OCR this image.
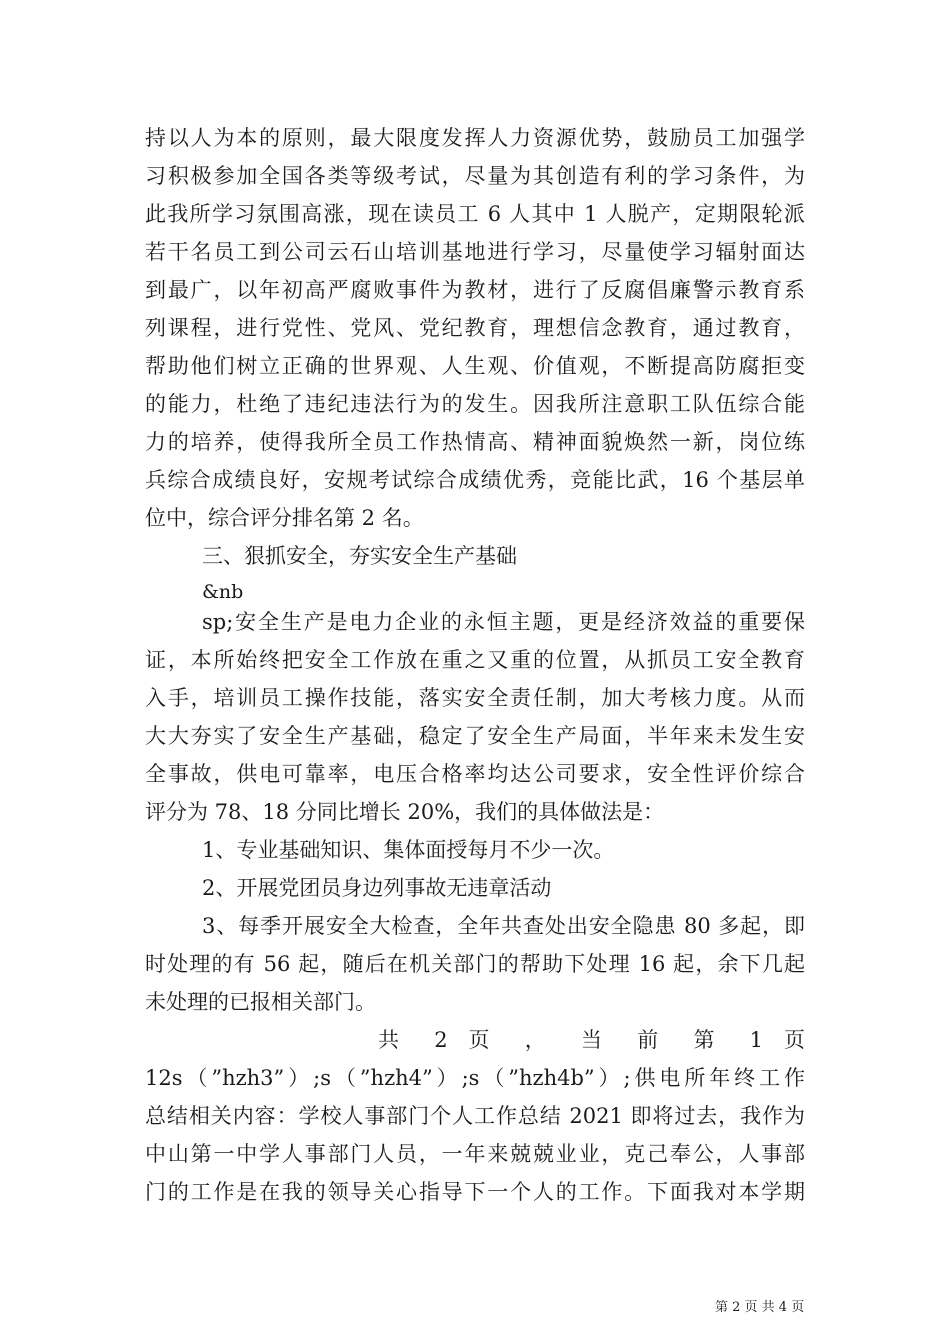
持以人为本的原则，最大限度发挥人力资源优势，鼓励员工加强学
习积极参加全国各类等级考试，尽量为其创造有利的学习条件，为
此我所学习氛围高涨，现在读员工 6 人其中 1 人脱产，定期限轮派
若干名员工到公司云石山培训基地进行学习，尽量使学习辐射面达
到最广，以年初高严腐败事件为教材，进行了反腐倡廉警示教育系
列课程，进行党性、党风、党纪教育，理想信念教育，通过教育，
帮助他们树立正确的世界观、人生观、价值观，不断提高防腐拒变
的能力，杜绝了违纪违法行为的发生。因我所注意职工队伍综合能
力的培养，使得我所全员工作热情高、精神面貌焕然一新，岗位练
兵综合成绩良好，安规考试综合成绩优秀，竞能比武，16 个基层单
位中，综合评分排名第 2 名。
三、狠抓安全，夯实安全生产基础
&nb
sp;安全生产是电力企业的永恒主题，更是经济效益的重要保
证，本所始终把安全工作放在重之又重的位置，从抓员工安全教育
入手，培训员工操作技能，落实安全责任制，加大考核力度。从而
大大夯实了安全生产基础，稳定了安全生产局面，半年来未发生安
全事故，供电可靠率，电压合格率均达公司要求，安全性评价综合
评分为 78、18 分同比增长 20%，我们的具体做法是：
1、专业基础知识、集体面授每月不少一次。
2、开展党团员身边列事故无违章活动
3、每季开展安全大检查，全年共查处出安全隐患 80 多起，即
时处理的有 56 起，随后在机关部门的帮助下处理 16 起，余下几起
未处理的已报相关部门。
共 2 页 ， 当 前 第 1 页
12s（”hzh3”）;s（”hzh4”）;s（”hzh4b”）;供电所年终工作
总结相关内容：学校人事部门个人工作总结 2021 即将过去，我作为
中山第一中学人事部门人员，一年来兢兢业业，克己奉公，人事部
门的工作是在我的领导关心指导下一个人的工作。下面我对本学期
第 2 页 共 4 页
